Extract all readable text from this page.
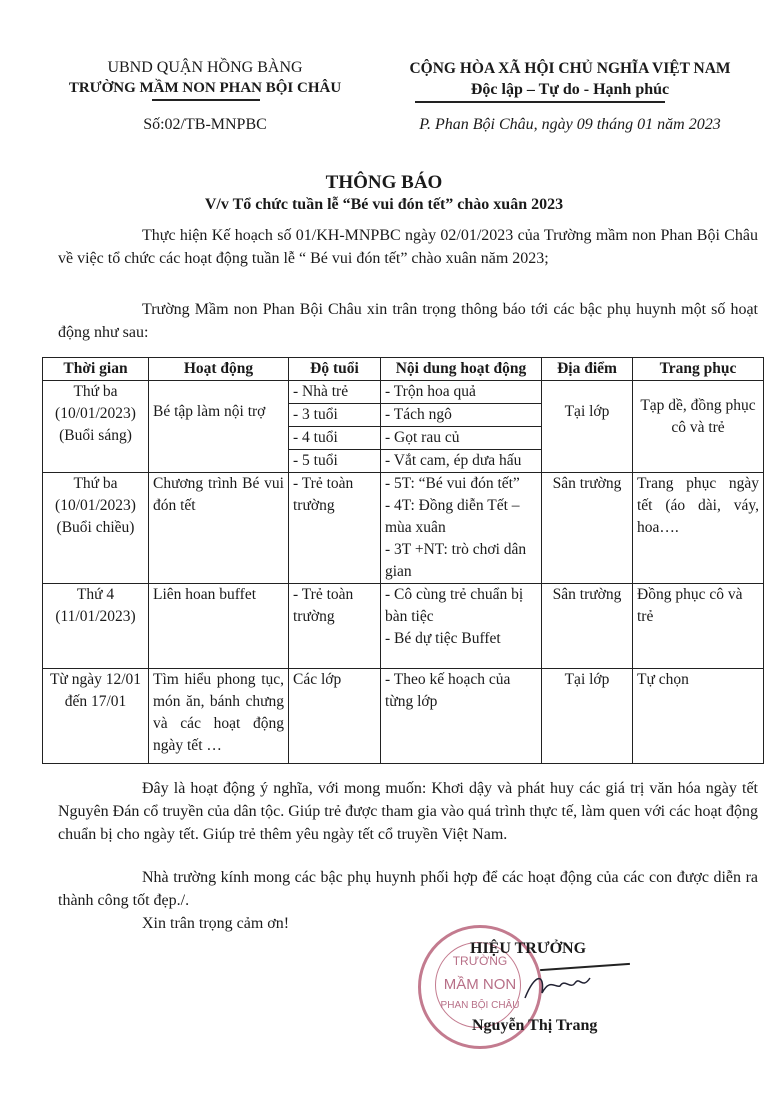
UBND QUẬN HỒNG BÀNG
TRƯỜNG MẦM NON PHAN BỘI CHÂU
Số:02/TB-MNPBC
CỘNG HÒA XÃ HỘI CHỦ NGHĨA VIỆT NAM
Độc lập – Tự do - Hạnh phúc
P. Phan Bội Châu, ngày 09 tháng 01 năm 2023
THÔNG BÁO
V/v Tổ chức tuần lễ “Bé vui đón tết” chào xuân 2023

Thực hiện Kế hoạch số 01/KH-MNPBC ngày 02/01/2023 của Trường mầm non Phan Bội Châu về việc tổ chức các hoạt động tuần lễ “ Bé vui đón tết” chào xuân năm 2023;

Trường Mầm non Phan Bội Châu xin trân trọng thông báo tới các bậc phụ huynh một số hoạt động như sau:

Thời gian	Hoạt động	Độ tuổi	Nội dung hoạt động	Địa điểm	Trang phục
Thứ ba (10/01/2023) (Buổi sáng)	Bé tập làm nội trợ	- Nhà trẻ	- Trộn hoa quả	Tại lớp	Tạp dề, đồng phục cô và trẻ
		- 3 tuổi	- Tách ngô		
		- 4 tuổi	- Gọt rau củ		
		- 5 tuổi	- Vắt cam, ép dưa hấu		
Thứ ba (10/01/2023) (Buổi chiều)	Chương trình Bé vui đón tết	- Trẻ toàn trường	- 5T: “Bé vui đón tết”
- 4T: Đồng diễn Tết – mùa xuân
- 3T +NT: trò chơi dân gian	Sân trường	Trang phục ngày tết (áo dài, váy, hoa….
Thứ 4 (11/01/2023)	Liên hoan buffet	- Trẻ toàn trường	- Cô cùng trẻ chuẩn bị bàn tiệc
- Bé dự tiệc Buffet	Sân trường	Đồng phục cô và trẻ
Từ ngày 12/01 đến 17/01	Tìm hiểu phong tục, món ăn, bánh chưng và các hoạt động ngày tết …	Các lớp	- Theo kế hoạch của từng lớp	Tại lớp	Tự chọn

Đây là hoạt động ý nghĩa, với mong muốn: Khơi dậy và phát huy các giá trị văn hóa ngày tết Nguyên Đán cổ truyền của dân tộc. Giúp trẻ được tham gia vào quá trình thực tế, làm quen với các hoạt động chuẩn bị cho ngày tết. Giúp trẻ thêm yêu ngày tết cổ truyền Việt Nam.

Nhà trường kính mong các bậc phụ huynh phối hợp để các hoạt động của các con được diễn ra thành công tốt đẹp./.

Xin trân trọng cảm ơn!

TRƯỜNG
MẦM NON
PHAN BỘI CHÂU
HIỆU TRƯỞNG
Nguyễn Thị Trang
